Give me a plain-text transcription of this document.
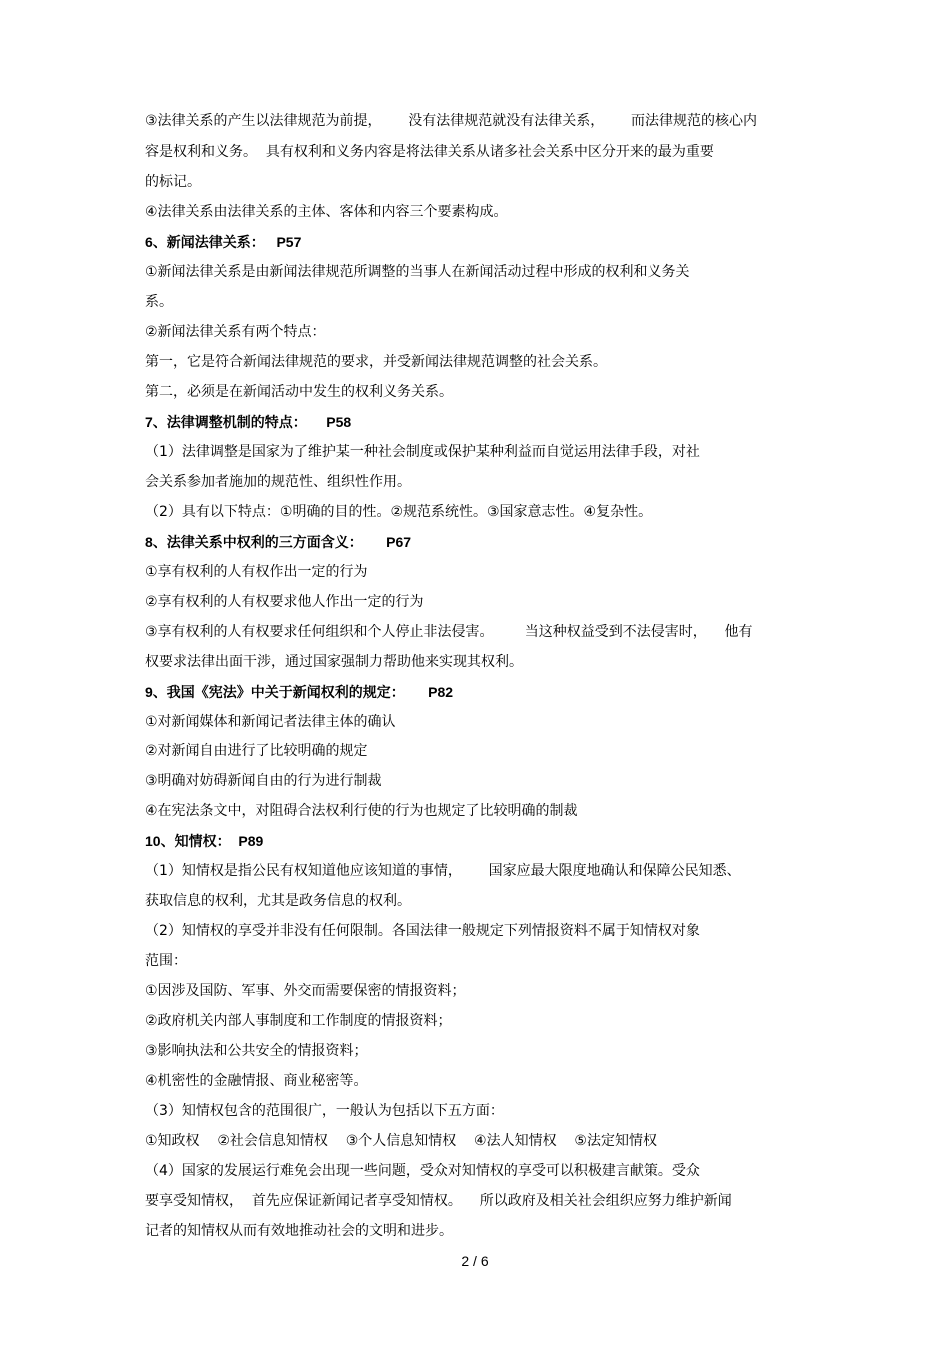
③法律关系的产生以法律规范为前提，      没有法律规范就没有法律关系，      而法律规范的核心内
容是权利和义务。  具有权利和义务内容是将法律关系从诸多社会关系中区分开来的最为重要
的标记。
④法律关系由法律关系的主体、客体和内容三个要素构成。
6、新闻法律关系：   P57
①新闻法律关系是由新闻法律规范所调整的当事人在新闻活动过程中形成的权利和义务关
系。
②新闻法律关系有两个特点：
第一，它是符合新闻法律规范的要求，并受新闻法律规范调整的社会关系。
第二，必须是在新闻活动中发生的权利义务关系。
7、法律调整机制的特点：     P58
（1）法律调整是国家为了维护某一种社会制度或保护某种利益而自觉运用法律手段，对社
会关系参加者施加的规范性、组织性作用。
（2）具有以下特点：①明确的目的性。②规范系统性。③国家意志性。④复杂性。
8、法律关系中权利的三方面含义：      P67
①享有权利的人有权作出一定的行为
②享有权利的人有权要求他人作出一定的行为
③享有权利的人有权要求任何组织和个人停止非法侵害。       当这种权益受到不法侵害时，    他有
权要求法律出面干涉，通过国家强制力帮助他来实现其权利。
9、我国《宪法》中关于新闻权利的规定：      P82
①对新闻媒体和新闻记者法律主体的确认
②对新闻自由进行了比较明确的规定
③明确对妨碍新闻自由的行为进行制裁
④在宪法条文中，对阻碍合法权利行使的行为也规定了比较明确的制裁
10、知情权：  P89
（1）知情权是指公民有权知道他应该知道的事情，      国家应最大限度地确认和保障公民知悉、
获取信息的权利，尤其是政务信息的权利。
（2）知情权的享受并非没有任何限制。各国法律一般规定下列情报资料不属于知情权对象
范围：
①因涉及国防、军事、外交而需要保密的情报资料；
②政府机关内部人事制度和工作制度的情报资料；
③影响执法和公共安全的情报资料；
④机密性的金融情报、商业秘密等。
（3）知情权包含的范围很广，一般认为包括以下五方面：
①知政权    ②社会信息知情权    ③个人信息知情权    ④法人知情权    ⑤法定知情权
（4）国家的发展运行难免会出现一些问题，受众对知情权的享受可以积极建言献策。受众
要享受知情权，  首先应保证新闻记者享受知情权。    所以政府及相关社会组织应努力维护新闻
记者的知情权从而有效地推动社会的文明和进步。
2 / 6
